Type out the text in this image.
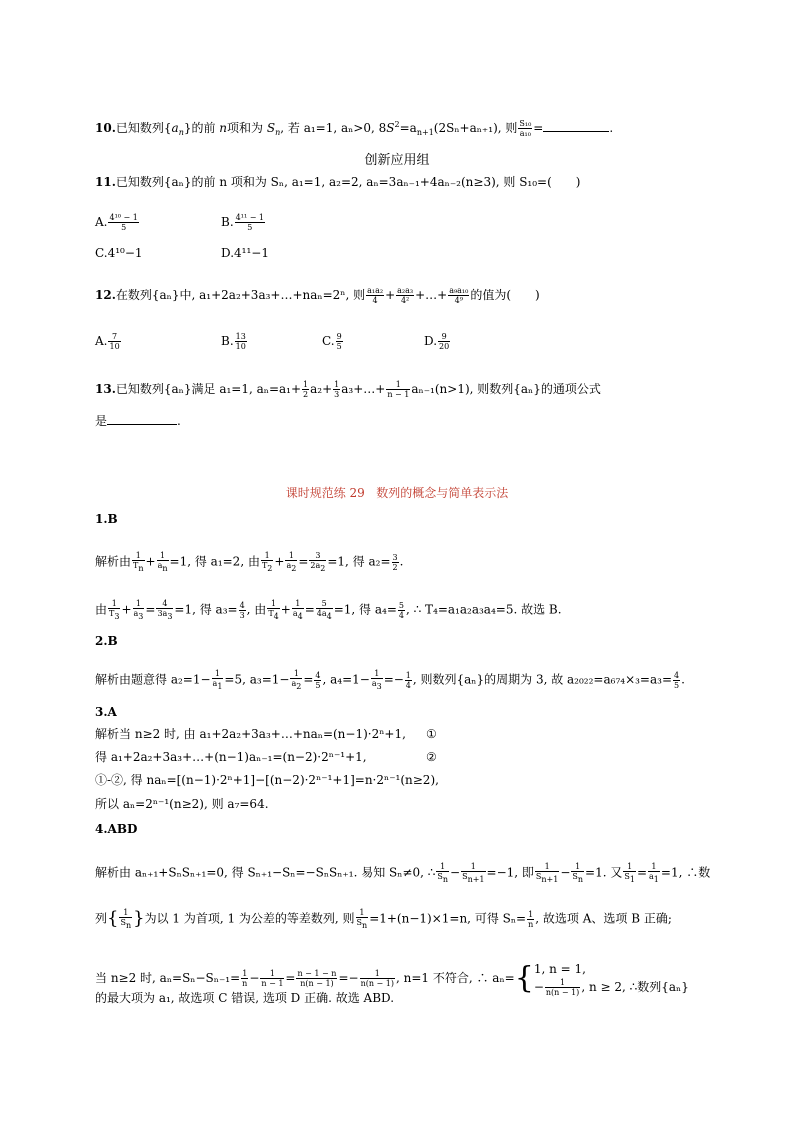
10.已知数列$\{a_n\}$的前 n项和为 $S_n$, 若 a₁=1, aₙ>0, $8S^2=a_{n+1}(2S_n+a_{n+1})$, 则 $\frac{\text{S₁₀}}{\text{a₁₀}}$ =	.
创新应用组
11.已知数列{aₙ}的前 n 项和为 Sₙ, a₁=1, a₂=2, aₙ=3aₙ₋₁+4aₙ₋₂(n≥3), 则 S₁₀=(　　)
A. $\frac{\text{4¹⁰ − 1}}{5}$	B. $\frac{\text{4¹¹ − 1}}{5}$
C.4¹⁰−1	D.4¹¹−1
12.在数列{aₙ}中, a₁+2a₂+3a₃+…+naₙ=2ⁿ, 则 $\frac{\text{a₁a₂}}{4} + \frac{\text{a₂a₃}}{\text{4²}}$ +…+ $\frac{\text{a₉a₁₀}}{\text{4⁹}}$ 的值为(　　)
A. $\frac{7}{10}$	B. $\frac{13}{10}$	C. $\frac{9}{5}$	D. $\frac{9}{20}$
13.已知数列{aₙ}满足 a₁=1, $a_n=a_1+ \frac{1}{2} a_2+ \frac{1}{3}$ a₃+…+ $\frac{1}{n - 1} a_{n-1}(n>1)$, 则数列{aₙ}的通项公式
是	.
课时规范练 29 数列的概念与简单表示法
1.B
解析由 $\frac{1}{Tn} + \frac{1}{an} =1$, 得 a₁=2, 由 $\frac{1}{T2} + \frac{1}{a2} = \frac{3}{2a2} =1$, 得 $a_2= \frac{3}{2}$ .
由 $\frac{1}{T3} + \frac{1}{a3} = \frac{4}{3a3} =1$, 得 $a_3= \frac{4}{3}$ , 由 $\frac{1}{T4} + \frac{1}{a4} = \frac{5}{4a4} =1$, 得 $a_4= \frac{5}{4}$ , ∴ T₄=a₁a₂a₃a₄=5. 故选 B.
2.B
解析由题意得 $a_2=1- \frac{1}{a1} =5$, $a_3=1- \frac{1}{a2} = \frac{4}{5}$ , $a_4=1- \frac{1}{a3} =- \frac{1}{4}$ , 则数列{aₙ}的周期为 3, 故 $a_{2022}=a_{674}\times_3=a_3= \frac{4}{5}$ .
3.A
解析当 n≥2 时, 由 a₁+2a₂+3a₃+…+naₙ=(n−1)·2ⁿ+1, ①
得 a₁+2a₂+3a₃+…+(n−1)aₙ₋₁=(n−2)·2ⁿ⁻¹+1,	②
①-②, 得 naₙ=[(n−1)·2ⁿ+1]−[(n−2)·2ⁿ⁻¹+1]=n·2ⁿ⁻¹(n≥2),
所以 aₙ=2ⁿ⁻¹(n≥2), 则 a₇=64.
4.ABD
解析由 aₙ₊₁+SₙSₙ₊₁=0, 得 Sₙ₊₁−Sₙ=−SₙSₙ₊₁. 易知 Sₙ≠0, ∴ $\frac{1}{Sn} - \frac{1}{Sn+1} =-1$, 即 $\frac{1}{Sn+1} - \frac{1}{Sn} =1$. 又 $\frac{1}{S1} = \frac{1}{a1} =1$, ∴数
列{ $\frac{1}{Sn}$ }为以 1 为首项, 1 为公差的等差数列, 则 $\frac{1}{Sn} =1+(n-1)\times 1=n$, 可得 $S_n= \frac{1}{n}$ , 故选项 A、选项 B 正确;
当 n≥2 时, $a_n=S_n-S_{n-1}= \frac{1}{n} - \frac{1}{n - 1} = \frac{n - 1 - n}{n(n - 1)} =- \frac{1}{n(n - 1)}$ , n=1 不符合, ∴ aₙ={ 1, n = 1,
− $\frac{1}{n(n - 1)}$ , n ≥ 2, ∴数列{aₙ}
的最大项为 a₁, 故选项 C 错误, 选项 D 正确. 故选 ABD.
